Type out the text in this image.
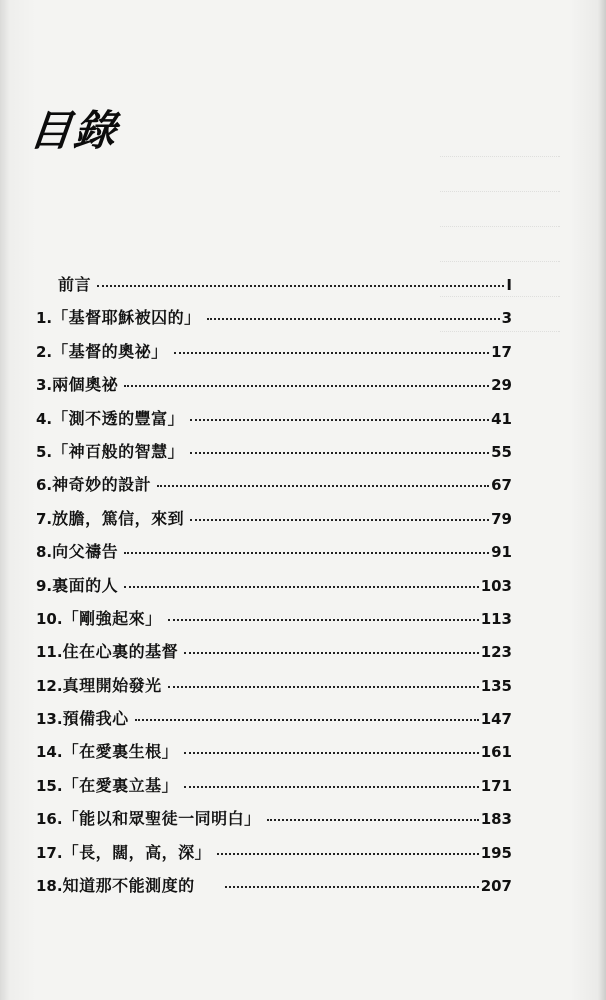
目錄
前言	I
1. 「基督耶穌被囚的」	3
2. 「基督的奧祕」	17
3. 兩個奧祕	29
4. 「測不透的豐富」	41
5. 「神百般的智慧」	55
6. 神奇妙的設計	67
7. 放膽，篤信，來到	79
8. 向父禱告	91
9. 裏面的人	103
10. 「剛強起來」	113
11. 住在心裏的基督	123
12. 真理開始發光	135
13. 預備我心	147
14. 「在愛裏生根」	161
15. 「在愛裏立基」	171
16. 「能以和眾聖徒一同明白」	183
17. 「長，闊，高，深」	195
18. 知道那不能測度的	207
